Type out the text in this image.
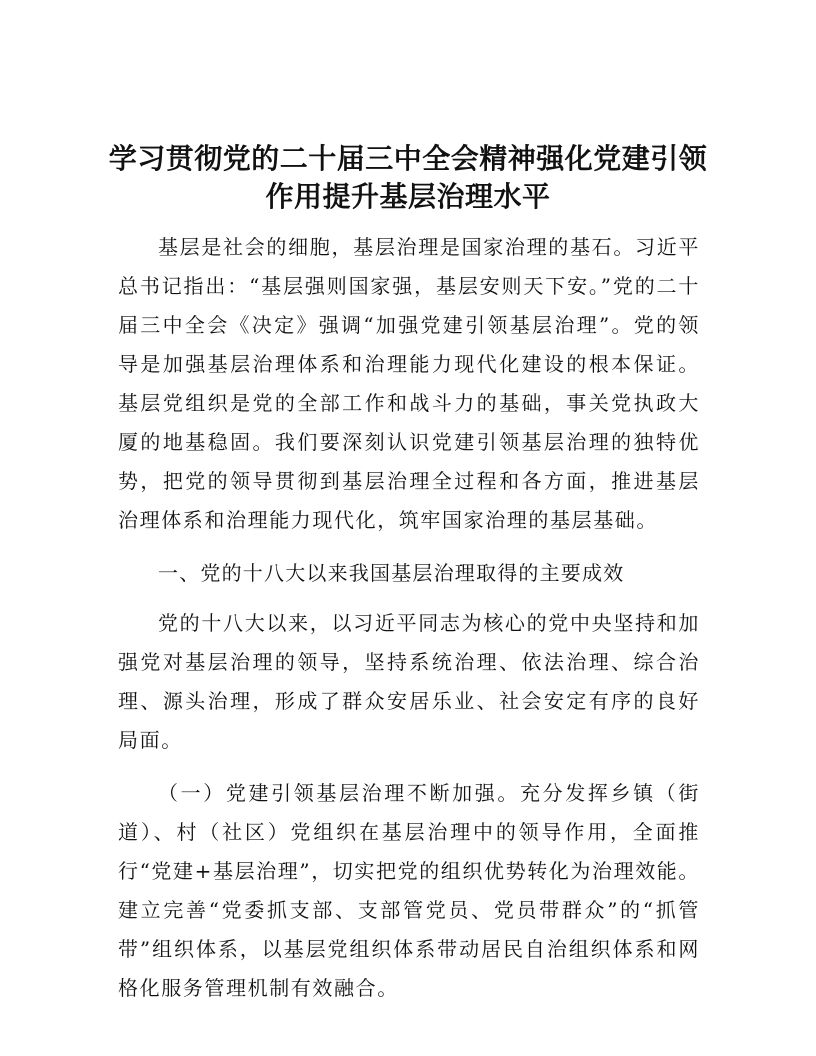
学习贯彻党的二十届三中全会精神强化党建引领作用提升基层治理水平

基层是社会的细胞，基层治理是国家治理的基石。习近平总书记指出：“基层强则国家强，基层安则天下安。”党的二十届三中全会《决定》强调“加强党建引领基层治理”。党的领导是加强基层治理体系和治理能力现代化建设的根本保证。基层党组织是党的全部工作和战斗力的基础，事关党执政大厦的地基稳固。我们要深刻认识党建引领基层治理的独特优势，把党的领导贯彻到基层治理全过程和各方面，推进基层治理体系和治理能力现代化，筑牢国家治理的基层基础。

一、党的十八大以来我国基层治理取得的主要成效

党的十八大以来，以习近平同志为核心的党中央坚持和加强党对基层治理的领导，坚持系统治理、依法治理、综合治理、源头治理，形成了群众安居乐业、社会安定有序的良好局面。

（一）党建引领基层治理不断加强。充分发挥乡镇（街道）、村（社区）党组织在基层治理中的领导作用，全面推行“党建+基层治理”，切实把党的组织优势转化为治理效能。建立完善“党委抓支部、支部管党员、党员带群众”的“抓管带”组织体系，以基层党组织体系带动居民自治组织体系和网格化服务管理机制有效融合。
